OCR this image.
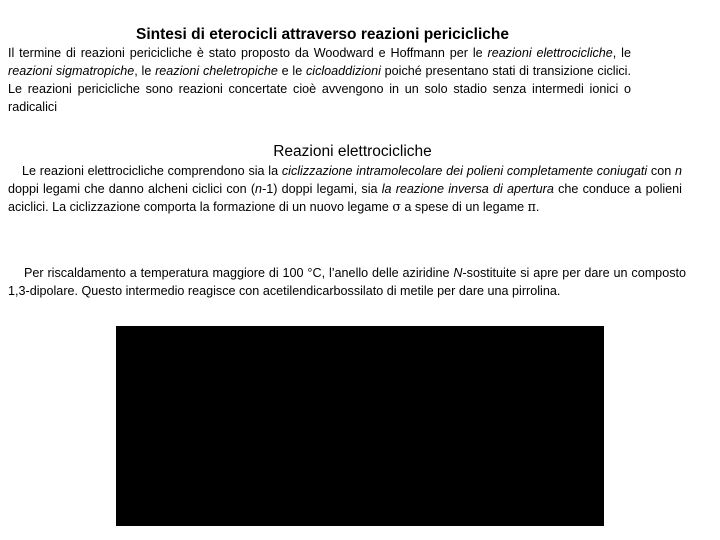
Sintesi di eterocicli attraverso reazioni pericicliche
Il termine di reazioni pericicliche è stato proposto da Woodward e Hoffmann per le reazioni elettrocicliche, le reazioni sigmatropiche, le reazioni cheletropiche e le cicloaddizioni poiché presentano stati di transizione ciclici. Le reazioni pericicliche sono reazioni concertate cioè avvengono in un solo stadio senza intermedi ionici o radicalici
Reazioni elettrocicliche
Le reazioni elettrocicliche comprendono sia la ciclizzazione intramolecolare dei polieni completamente coniugati con n doppi legami che danno alcheni ciclici con (n-1) doppi legami, sia la reazione inversa di apertura che conduce a polieni aciclici. La ciclizzazione comporta la formazione di un nuovo legame σ a spese di un legame π.
Per riscaldamento a temperatura maggiore di 100 °C, l’anello delle aziridine N-sostituite si apre per dare un composto 1,3-dipolare. Questo intermedio reagisce con acetilendicarbossilato di metile per dare una pirrolina.
